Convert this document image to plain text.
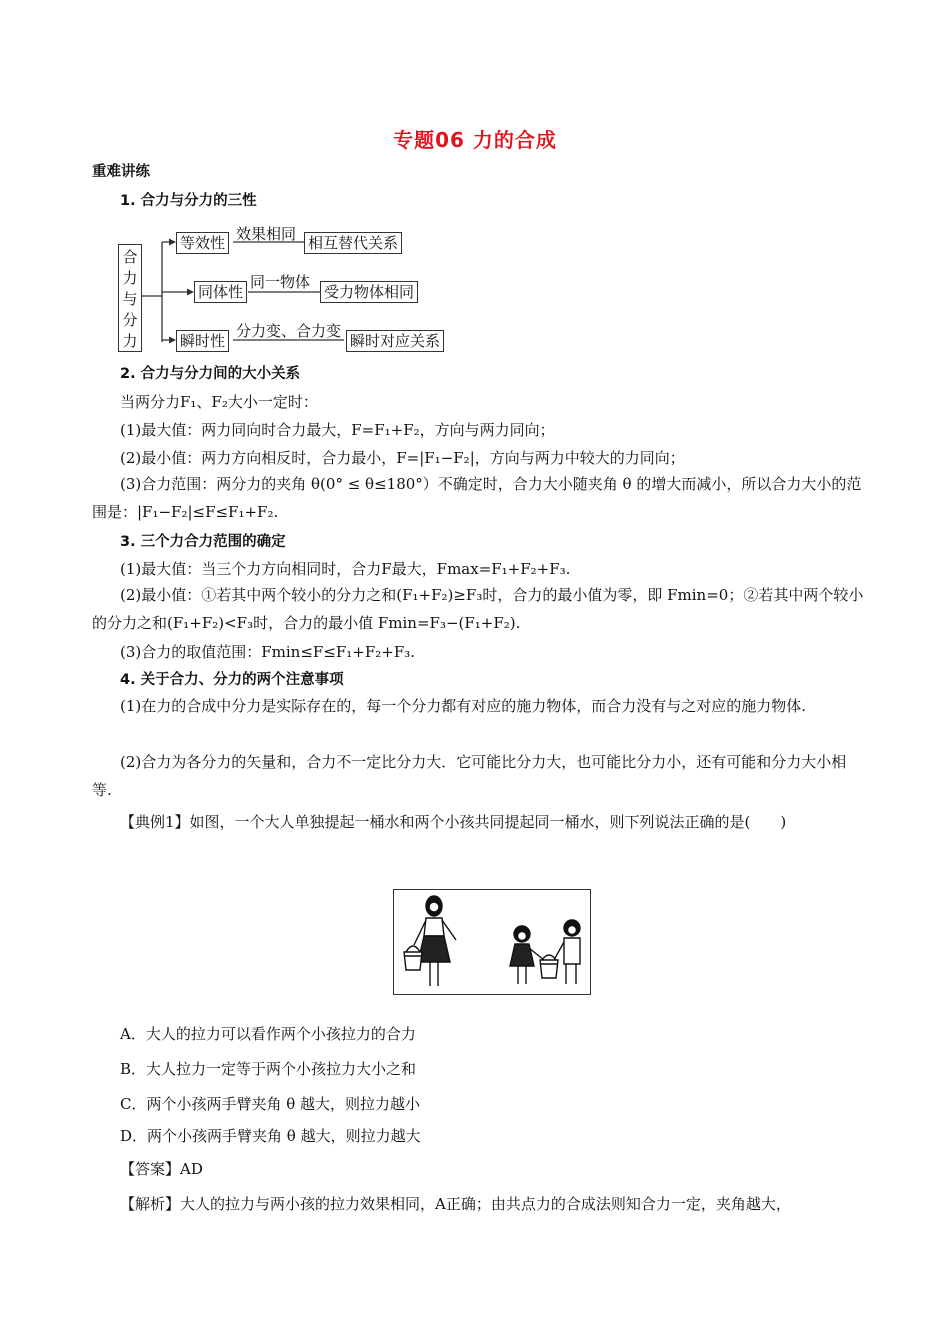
专题06 力的合成
重难讲练
1. 合力与分力的三性
合力与分力
等效性 效果相同 相互替代关系
同体性
同一物体
受力物体相同
瞬时性
分力变、合力变
瞬时对应关系
2. 合力与分力间的大小关系
当两分力F₁、F₂大小一定时：
(1)最大值：两力同向时合力最大，F=F₁+F₂，方向与两力同向；
(2)最小值：两力方向相反时，合力最小，F=|F₁−F₂|，方向与两力中较大的力同向；
(3)合力范围：两分力的夹角 θ(0° ≤ θ≤180°）不确定时，合力大小随夹角 θ 的增大而减小，所以合力大小的范围是：|F₁−F₂|≤F≤F₁+F₂.
3. 三个力合力范围的确定
(1)最大值：当三个力方向相同时，合力F最大，Fmax=F₁+F₂+F₃.
(2)最小值：①若其中两个较小的分力之和(F₁+F₂)≥F₃时，合力的最小值为零，即 Fmin=0；②若其中两个较小的分力之和(F₁+F₂)<F₃时，合力的最小值 Fmin=F₃−(F₁+F₂).
(3)合力的取值范围：Fmin≤F≤F₁+F₂+F₃.
4. 关于合力、分力的两个注意事项
(1)在力的合成中分力是实际存在的，每一个分力都有对应的施力物体，而合力没有与之对应的施力物体.
(2)合力为各分力的矢量和，合力不一定比分力大．它可能比分力大，也可能比分力小，还有可能和分力大小相等.
【典例1】如图，一个大人单独提起一桶水和两个小孩共同提起同一桶水，则下列说法正确的是(　　)
A．大人的拉力可以看作两个小孩拉力的合力
B．大人拉力一定等于两个小孩拉力大小之和
C．两个小孩两手臂夹角 θ 越大，则拉力越小
D．两个小孩两手臂夹角 θ 越大，则拉力越大
【答案】AD
【解析】大人的拉力与两小孩的拉力效果相同，A正确；由共点力的合成法则知合力一定，夹角越大，
